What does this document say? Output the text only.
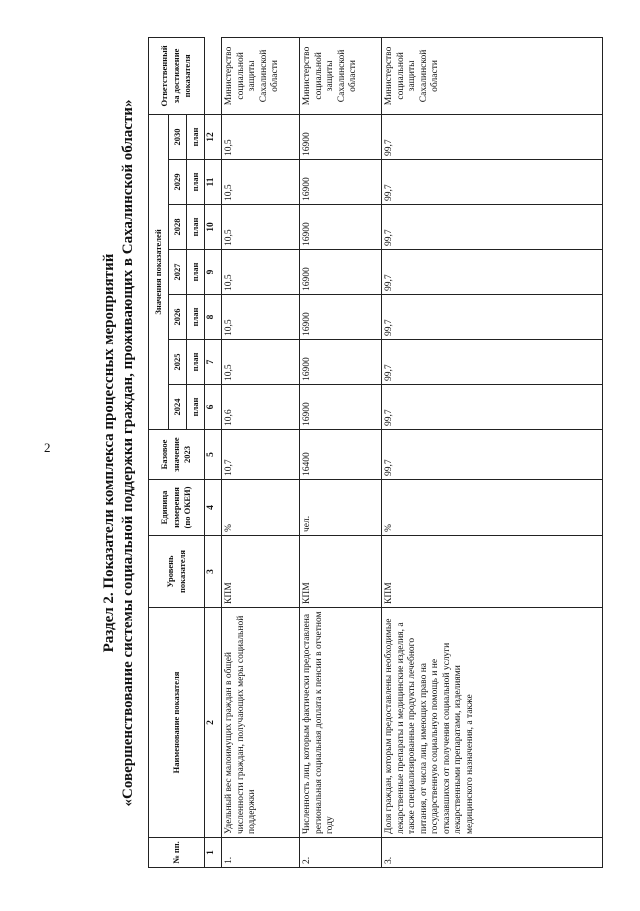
2	Раздел 2. Показатели комплекса процессных мероприятий «Совершенствование системы социальной поддержки граждан, проживающих в Сахалинской области»
№ пп.	Наименование показателя	Уровень показателя	Единица измерения (по ОКЕИ)	Базовое значение 2023	Значения показателей							Ответственный за достижение показателя
					2024	2025	2026	2027	2028	2029	2030	
					план	план	план	план	план	план	план	
1	2	3	4	5	6	7	8	9	10	11	12	
1.	Удельный вес малоимущих граждан в общей численности граждан, получающих меры социальной поддержки	КПМ	%	10,7	10,6	10,5	10,5	10,5	10,5	10,5	10,5	Министерство социальной защиты Сахалинской области
2.	Численность лиц, которым фактически предоставлена региональная социальная доплата к пенсии в отчетном году	КПМ	чел.	16400	16900	16900	16900	16900	16900	16900	16900	Министерство социальной защиты Сахалинской области
3.	Доля граждан, которым предоставлены необходимые лекарственные препараты и медицинские изделия, а также специализированные продукты лечебного питания, от числа лиц, имеющих право на государственную социальную помощь и не отказавшихся от получения социальной услуги лекарственными препаратами, изделиями медицинского назначения, а также	КПМ	%	99,7	99,7	99,7	99,7	99,7	99,7	99,7	99,7	Министерство социальной защиты Сахалинской области
